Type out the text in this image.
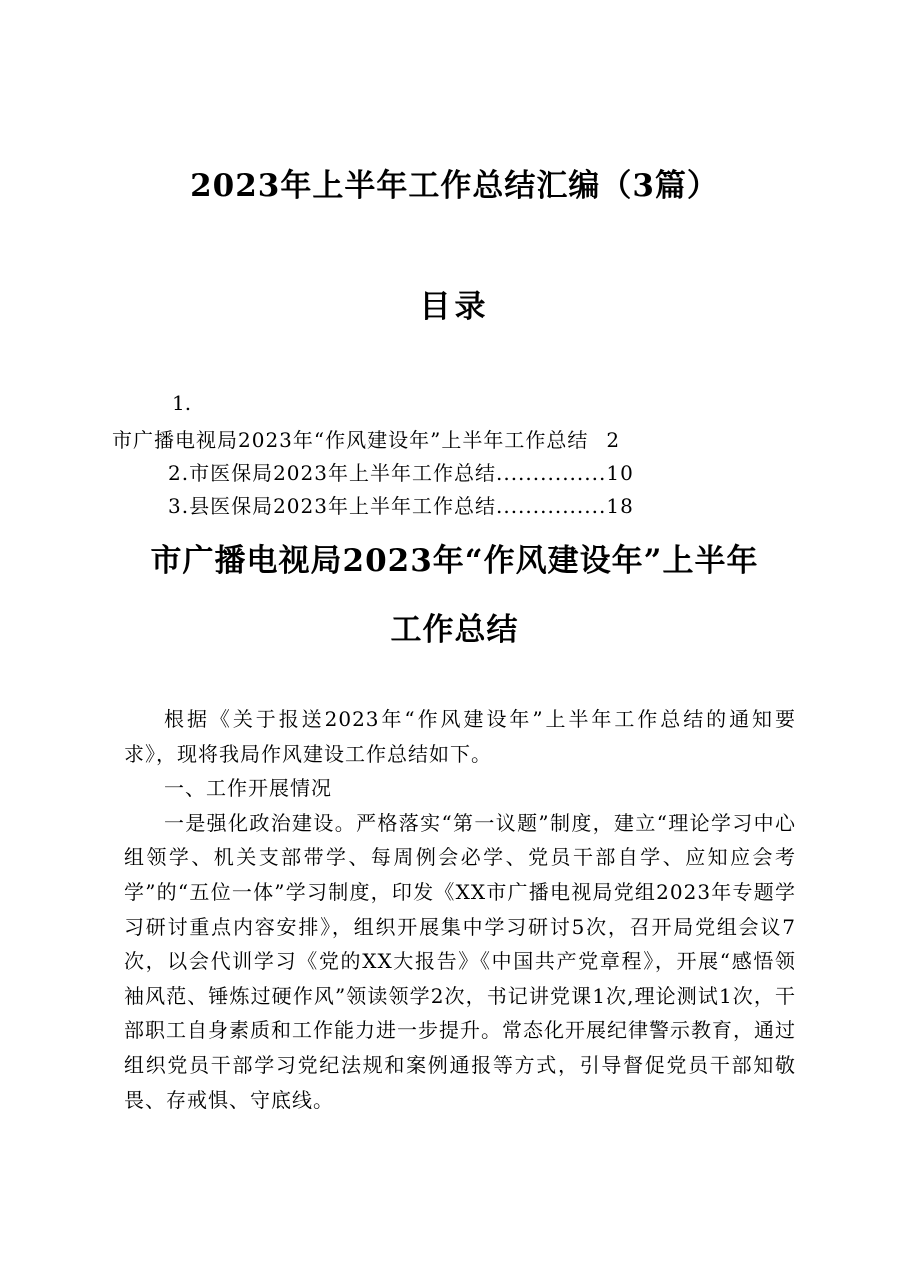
2023年上半年工作总结汇编（3篇）
目录
1.
市广播电视局2023年“作风建设年”上半年工作总结 2
2.市医保局2023年上半年工作总结...............10
3.县医保局2023年上半年工作总结...............18
市广播电视局2023年“作风建设年”上半年
工作总结

根据《关于报送2023年“作风建设年”上半年工作总结的通知要求》，现将我局作风建设工作总结如下。

一、工作开展情况

一是强化政治建设。严格落实“第一议题”制度，建立“理论学习中心组领学、机关支部带学、每周例会必学、党员干部自学、应知应会考学”的“五位一体”学习制度，印发《XX市广播电视局党组2023年专题学习研讨重点内容安排》，组织开展集中学习研讨5次，召开局党组会议7次，以会代训学习《党的XX大报告》《中国共产党章程》，开展“感悟领袖风范、锤炼过硬作风”领读领学2次，书记讲党课1次,理论测试1次，干部职工自身素质和工作能力进一步提升。常态化开展纪律警示教育，通过组织党员干部学习党纪法规和案例通报等方式，引导督促党员干部知敬畏、存戒惧、守底线。
